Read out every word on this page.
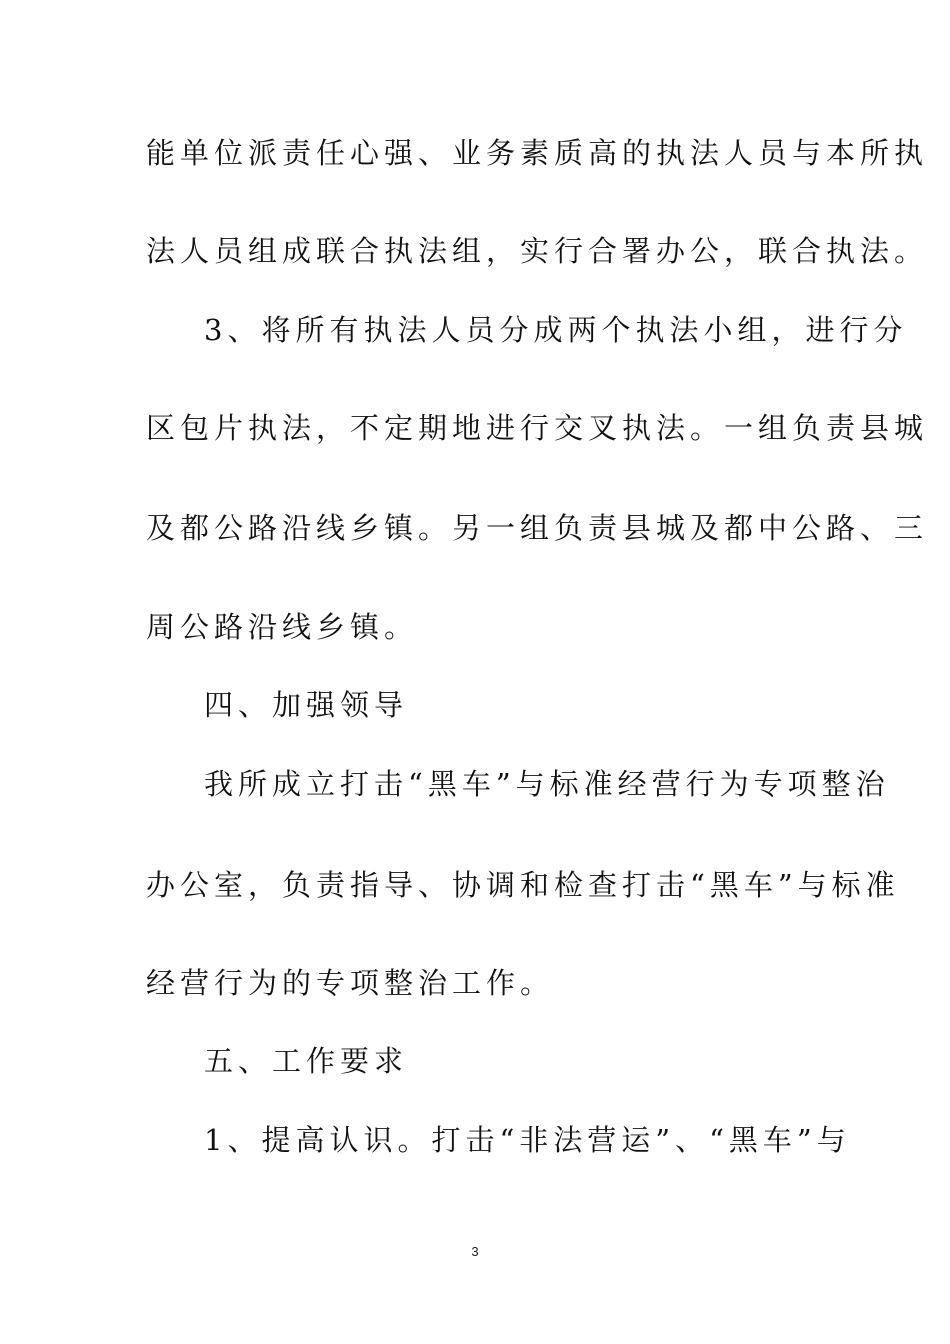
能单位派责任心强、业务素质高的执法人员与本所执
法人员组成联合执法组，实行合署办公，联合执法。
3、将所有执法人员分成两个执法小组，进行分
区包片执法，不定期地进行交叉执法。一组负责县城
及都公路沿线乡镇。另一组负责县城及都中公路、三
周公路沿线乡镇。
四、加强领导
我所成立打击“黑车”与标准经营行为专项整治
办公室，负责指导、协调和检查打击“黑车”与标准
经营行为的专项整治工作。
五、工作要求
1、提高认识。打击“非法营运”、“黑车”与
3
